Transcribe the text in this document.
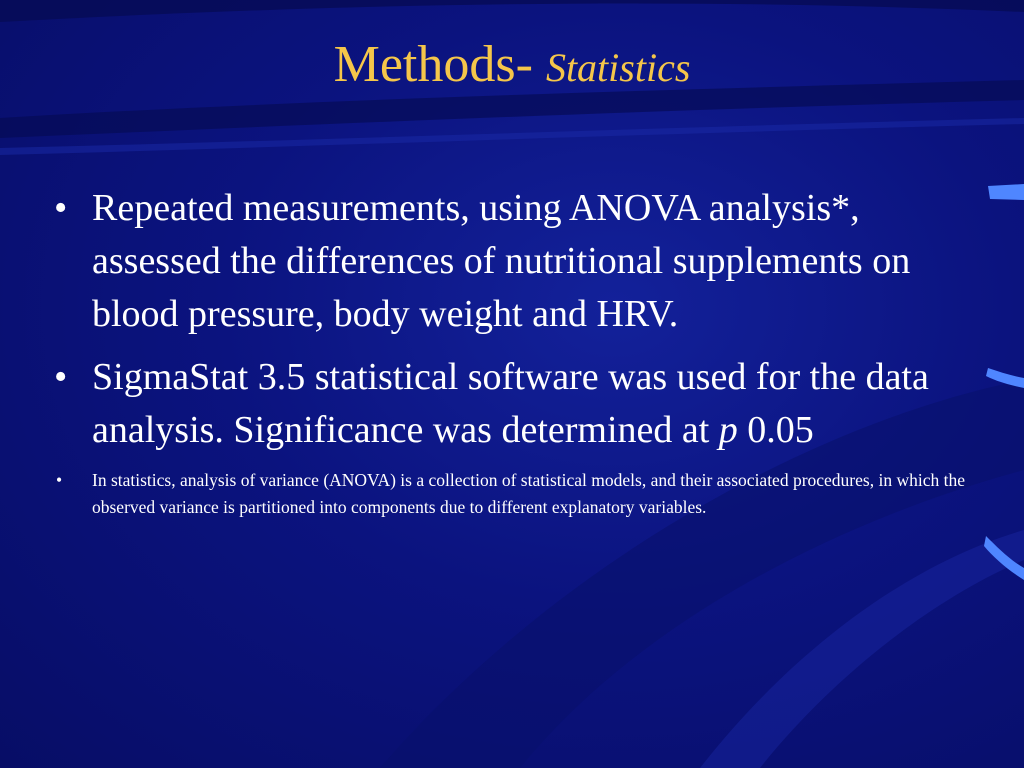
Methods- Statistics
• Repeated measurements, using ANOVA analysis*, assessed the differences of nutritional supplements on blood pressure, body weight and HRV.
• SigmaStat 3.5 statistical software was used for the data analysis. Significance was determined at p 0.05
• In statistics, analysis of variance (ANOVA) is a collection of statistical models, and their associated procedures, in which the observed variance is partitioned into components due to different explanatory variables.
